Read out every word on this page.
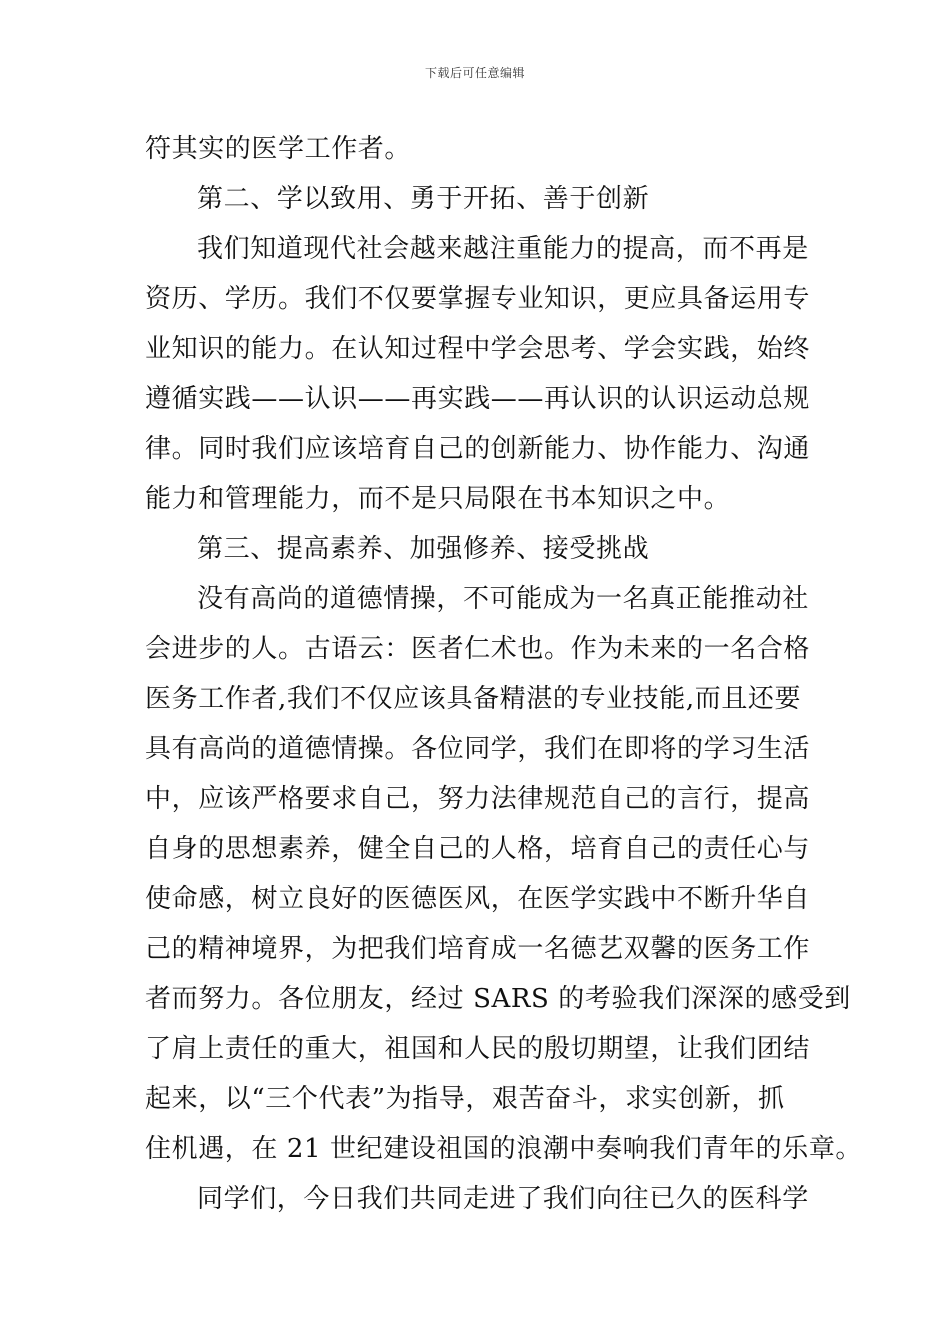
下载后可任意编辑
符其实的医学工作者。
第二、学以致用、勇于开拓、善于创新
我们知道现代社会越来越注重能力的提高，而不再是
资历、学历。我们不仅要掌握专业知识，更应具备运用专
业知识的能力。在认知过程中学会思考、学会实践，始终
遵循实践——认识——再实践——再认识的认识运动总规
律。同时我们应该培育自己的创新能力、协作能力、沟通
能力和管理能力，而不是只局限在书本知识之中。
第三、提高素养、加强修养、接受挑战
没有高尚的道德情操，不可能成为一名真正能推动社
会进步的人。古语云：医者仁术也。作为未来的一名合格
医务工作者,我们不仅应该具备精湛的专业技能,而且还要
具有高尚的道德情操。各位同学，我们在即将的学习生活
中，应该严格要求自己，努力法律规范自己的言行，提高
自身的思想素养，健全自己的人格，培育自己的责任心与
使命感，树立良好的医德医风，在医学实践中不断升华自
己的精神境界，为把我们培育成一名德艺双馨的医务工作
者而努力。各位朋友，经过 SARS 的考验我们深深的感受到
了肩上责任的重大，祖国和人民的殷切期望，让我们团结
起来，以“三个代表”为指导，艰苦奋斗，求实创新，抓
住机遇，在 21 世纪建设祖国的浪潮中奏响我们青年的乐章。
同学们，今日我们共同走进了我们向往已久的医科学
